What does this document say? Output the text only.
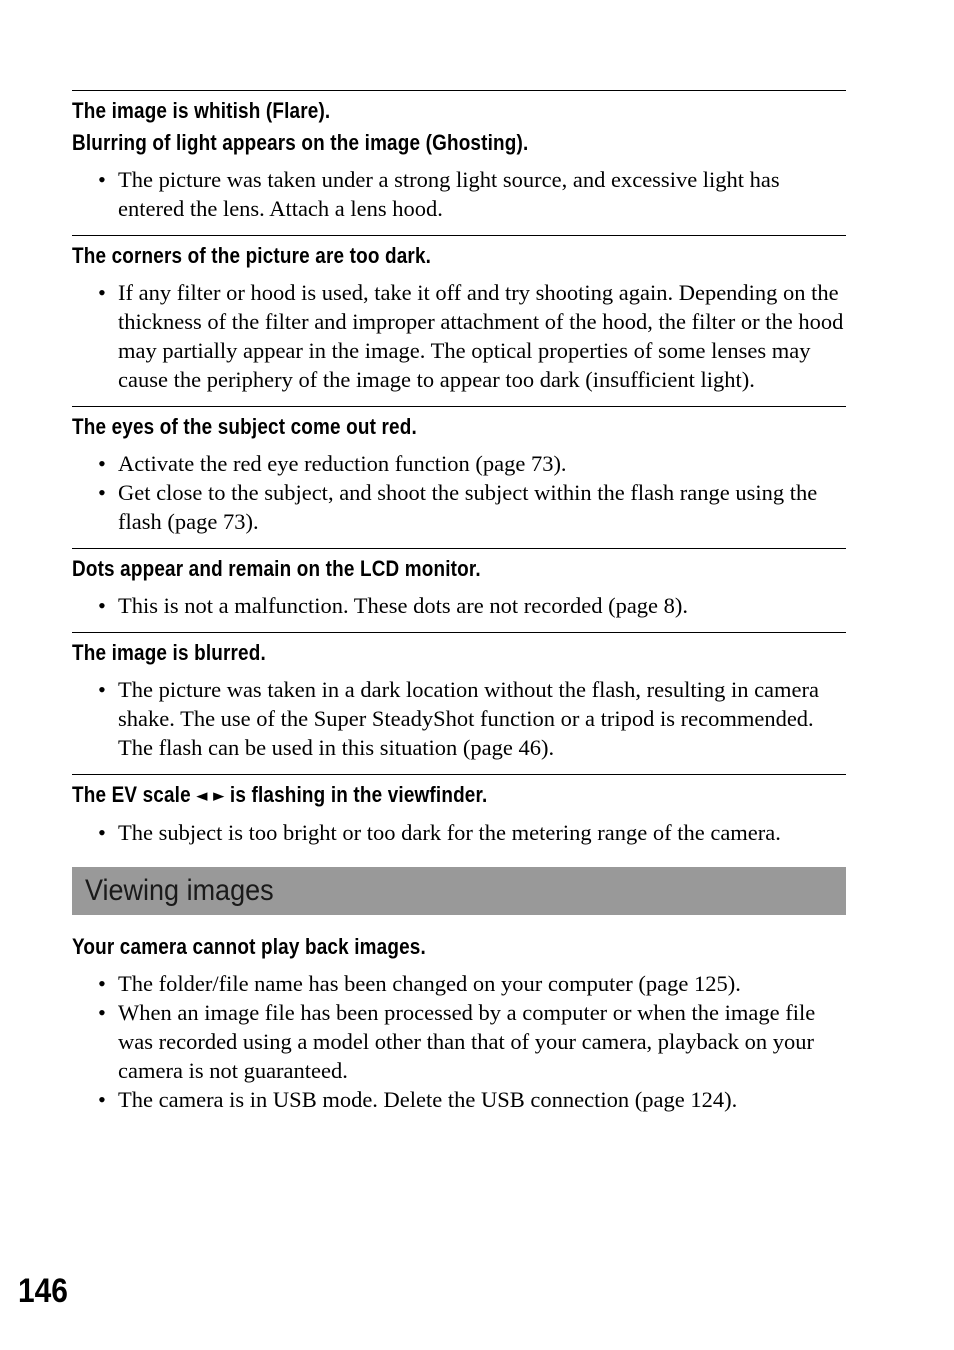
The image is whitish (Flare).
Blurring of light appears on the image (Ghosting).
• The picture was taken under a strong light source, and excessive light has entered the lens. Attach a lens hood.
The corners of the picture are too dark.
• If any filter or hood is used, take it off and try shooting again. Depending on the thickness of the filter and improper attachment of the hood, the filter or the hood may partially appear in the image. The optical properties of some lenses may cause the periphery of the image to appear too dark (insufficient light).
The eyes of the subject come out red.
• Activate the red eye reduction function (page 73).
• Get close to the subject, and shoot the subject within the flash range using the flash (page 73).
Dots appear and remain on the LCD monitor.
• This is not a malfunction. These dots are not recorded (page 8).
The image is blurred.
• The picture was taken in a dark location without the flash, resulting in camera shake. The use of the Super SteadyShot function or a tripod is recommended. The flash can be used in this situation (page 46).
The EV scale ◄ ► is flashing in the viewfinder.
• The subject is too bright or too dark for the metering range of the camera.
Viewing images
Your camera cannot play back images.
• The folder/file name has been changed on your computer (page 125).
• When an image file has been processed by a computer or when the image file was recorded using a model other than that of your camera, playback on your camera is not guaranteed.
• The camera is in USB mode. Delete the USB connection (page 124).
146
